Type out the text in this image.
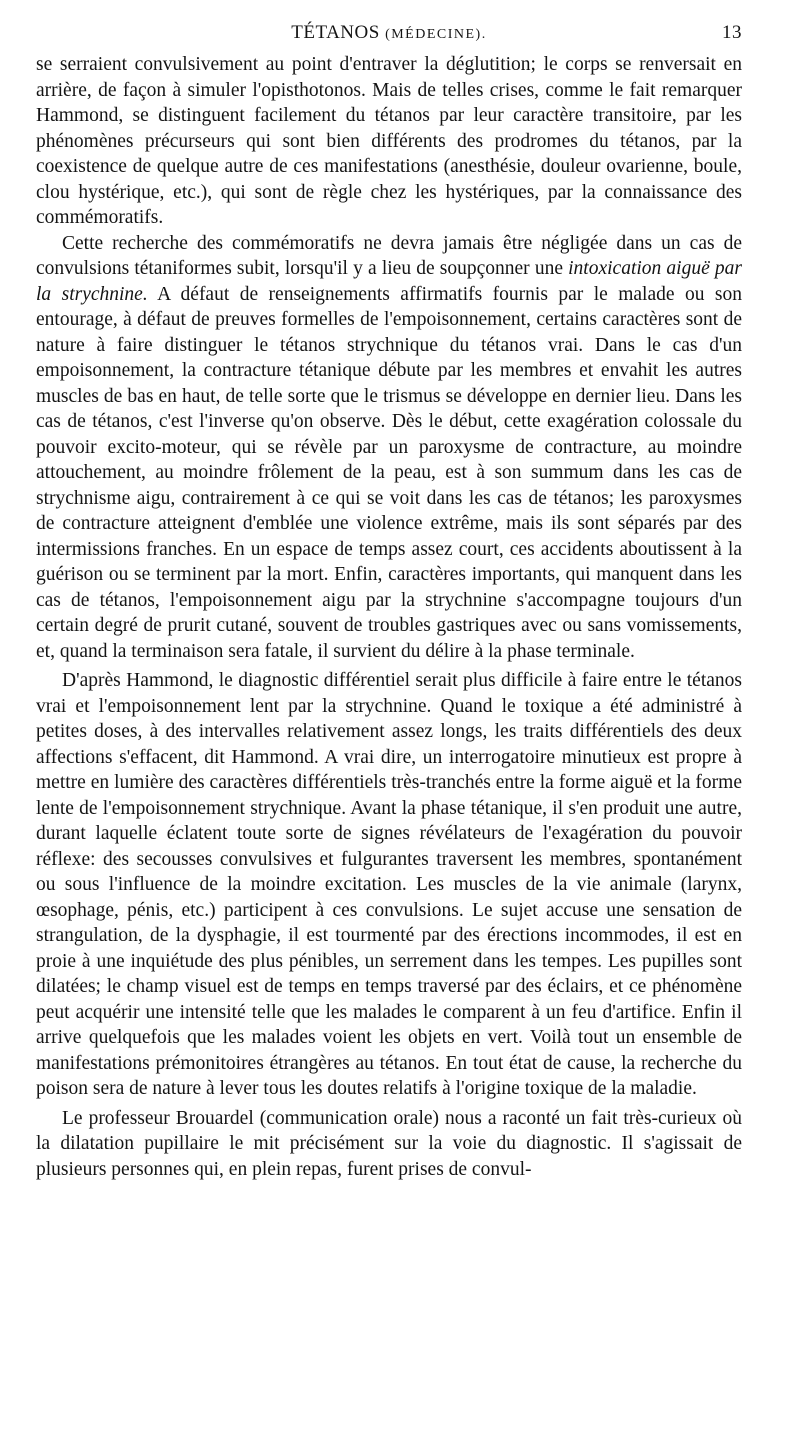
TÉTANOS (MÉDECINE).	13

se serraient convulsivement au point d'entraver la déglutition; le corps se renversait en arrière, de façon à simuler l'opisthotonos. Mais de telles crises, comme le fait remarquer Hammond, se distinguent facilement du tétanos par leur caractère transitoire, par les phénomènes précurseurs qui sont bien différents des prodromes du tétanos, par la coexistence de quelque autre de ces manifestations (anesthésie, douleur ovarienne, boule, clou hystérique, etc.), qui sont de règle chez les hystériques, par la connaissance des commémoratifs.

Cette recherche des commémoratifs ne devra jamais être négligée dans un cas de convulsions tétaniformes subit, lorsqu'il y a lieu de soupçonner une intoxication aiguë par la strychnine. A défaut de renseignements affirmatifs fournis par le malade ou son entourage, à défaut de preuves formelles de l'empoisonnement, certains caractères sont de nature à faire distinguer le tétanos strychnique du tétanos vrai. Dans le cas d'un empoisonnement, la contracture tétanique débute par les membres et envahit les autres muscles de bas en haut, de telle sorte que le trismus se développe en dernier lieu. Dans les cas de tétanos, c'est l'inverse qu'on observe. Dès le début, cette exagération colossale du pouvoir excito-moteur, qui se révèle par un paroxysme de contracture, au moindre attouchement, au moindre frôlement de la peau, est à son summum dans les cas de strychnisme aigu, contrairement à ce qui se voit dans les cas de tétanos; les paroxysmes de contracture atteignent d'emblée une violence extrême, mais ils sont séparés par des intermissions franches. En un espace de temps assez court, ces accidents aboutissent à la guérison ou se terminent par la mort. Enfin, caractères importants, qui manquent dans les cas de tétanos, l'empoisonnement aigu par la strychnine s'accompagne toujours d'un certain degré de prurit cutané, souvent de troubles gastriques avec ou sans vomissements, et, quand la terminaison sera fatale, il survient du délire à la phase terminale.

D'après Hammond, le diagnostic différentiel serait plus difficile à faire entre le tétanos vrai et l'empoisonnement lent par la strychnine. Quand le toxique a été administré à petites doses, à des intervalles relativement assez longs, les traits différentiels des deux affections s'effacent, dit Hammond. A vrai dire, un interrogatoire minutieux est propre à mettre en lumière des caractères différentiels très-tranchés entre la forme aiguë et la forme lente de l'empoisonnement strychnique. Avant la phase tétanique, il s'en produit une autre, durant laquelle éclatent toute sorte de signes révélateurs de l'exagération du pouvoir réflexe: des secousses convulsives et fulgurantes traversent les membres, spontanément ou sous l'influence de la moindre excitation. Les muscles de la vie animale (larynx, œsophage, pénis, etc.) participent à ces convulsions. Le sujet accuse une sensation de strangulation, de la dysphagie, il est tourmenté par des érections incommodes, il est en proie à une inquiétude des plus pénibles, un serrement dans les tempes. Les pupilles sont dilatées; le champ visuel est de temps en temps traversé par des éclairs, et ce phénomène peut acquérir une intensité telle que les malades le comparent à un feu d'artifice. Enfin il arrive quelquefois que les malades voient les objets en vert. Voilà tout un ensemble de manifestations prémonitoires étrangères au tétanos. En tout état de cause, la recherche du poison sera de nature à lever tous les doutes relatifs à l'origine toxique de la maladie.

Le professeur Brouardel (communication orale) nous a raconté un fait très-curieux où la dilatation pupillaire le mit précisément sur la voie du diagnostic. Il s'agissait de plusieurs personnes qui, en plein repas, furent prises de convul-
